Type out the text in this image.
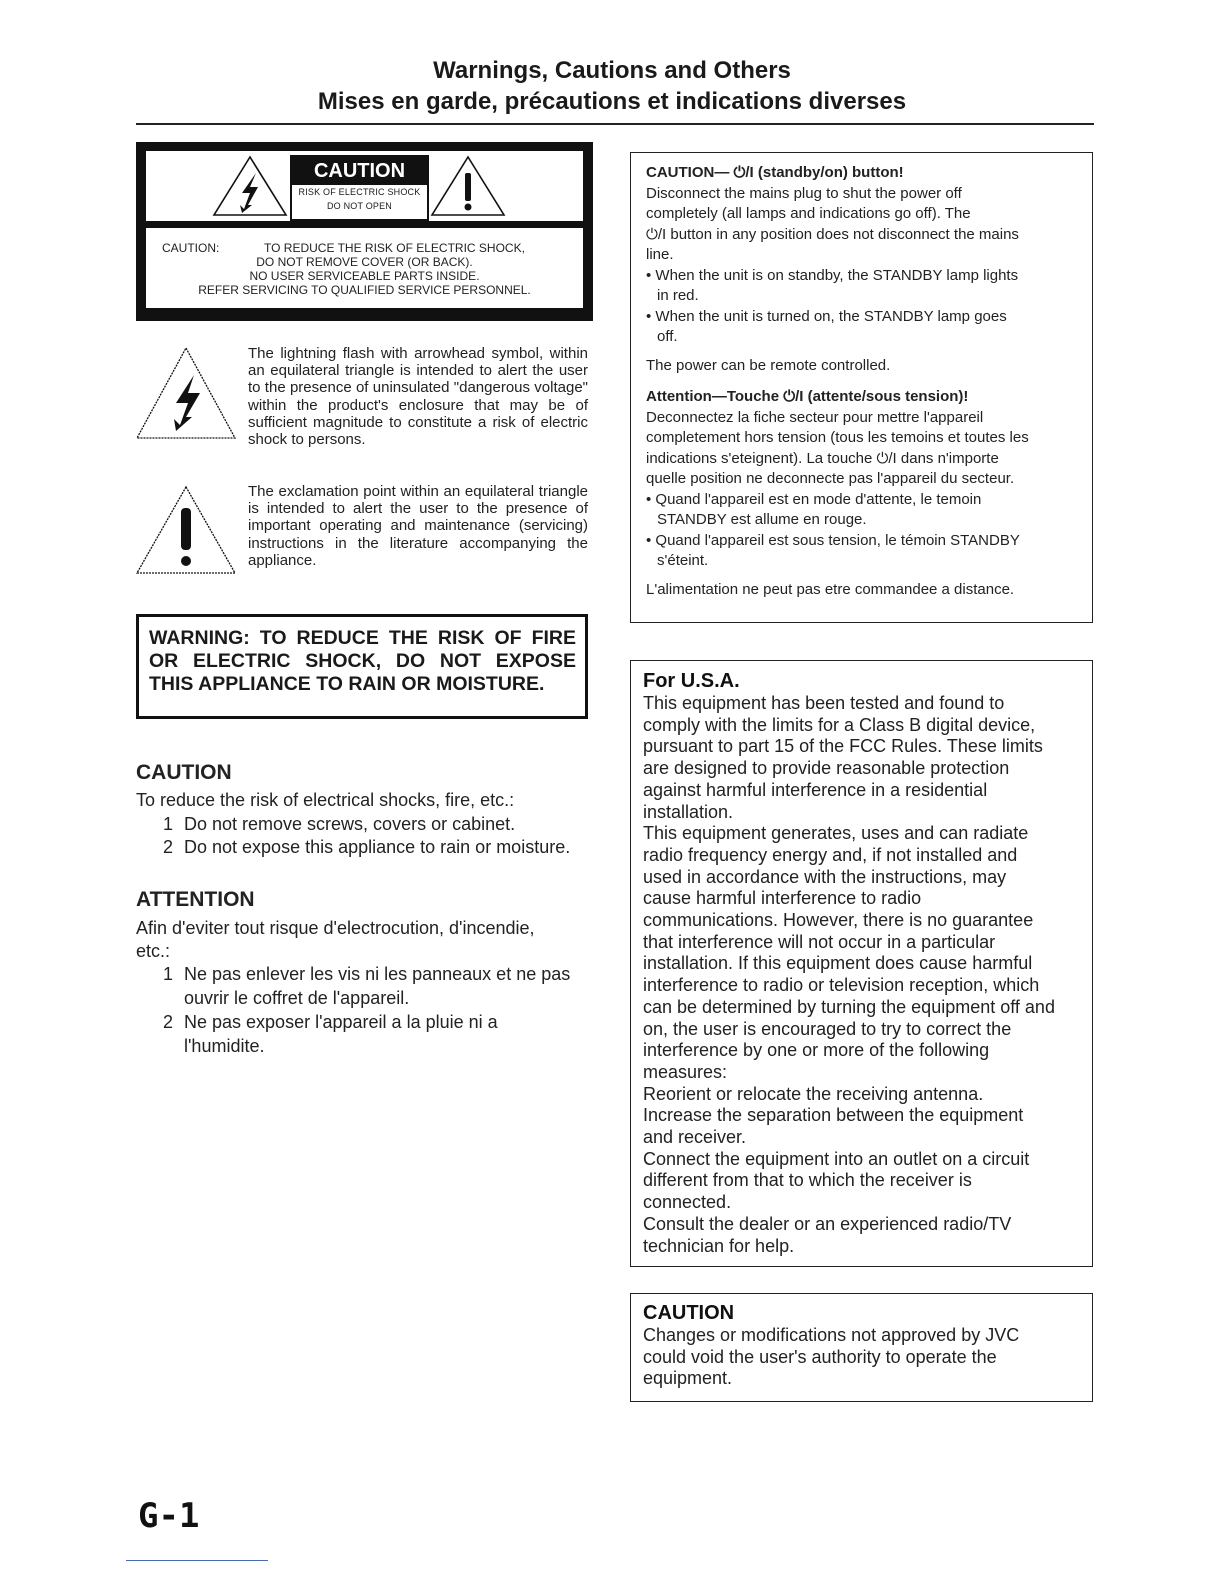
Warnings, Cautions and Others
Mises en garde, précautions et indications diverses
CAUTION
RISK OF ELECTRIC SHOCK
DO NOT OPEN
CAUTION:	TO REDUCE THE RISK OF ELECTRIC SHOCK,
DO NOT REMOVE COVER (OR BACK).
NO USER SERVICEABLE PARTS INSIDE.
REFER SERVICING TO QUALIFIED SERVICE PERSONNEL.
The lightning flash with arrowhead symbol, within an equilateral triangle is intended to alert the user to the presence of uninsulated "dangerous voltage" within the product's enclosure that may be of sufficient magnitude to constitute a risk of electric shock to persons.
The exclamation point within an equilateral triangle is intended to alert the user to the presence of important operating and maintenance (servicing) instructions in the literature accompanying the appliance.
WARNING: TO REDUCE THE RISK OF FIRE OR ELECTRIC SHOCK, DO NOT EXPOSE THIS APPLIANCE TO RAIN OR MOISTURE.
CAUTION
To reduce the risk of electrical shocks, fire, etc.:
1 Do not remove screws, covers or cabinet.
2 Do not expose this appliance to rain or moisture.
ATTENTION
Afin d'eviter tout risque d'electrocution, d'incendie,
etc.:
1 Ne pas enlever les vis ni les panneaux et ne pas
ouvrir le coffret de l'appareil.
2 Ne pas exposer l'appareil a la pluie ni a
l'humidite.
CAUTION— ⏻/I (standby/on) button!
Disconnect the mains plug to shut the power off
completely (all lamps and indications go off). The
⏻/I button in any position does not disconnect the mains
line.
• When the unit is on standby, the STANDBY lamp lights
in red.
• When the unit is turned on, the STANDBY lamp goes
off.
The power can be remote controlled.
Attention—Touche ⏻/I (attente/sous tension)!
Deconnectez la fiche secteur pour mettre l'appareil
completement hors tension (tous les temoins et toutes les
indications s'eteignent). La touche ⏻/I dans n'importe
quelle position ne deconnecte pas l'appareil du secteur.
• Quand l'appareil est en mode d'attente, le temoin
STANDBY est allume en rouge.
• Quand l'appareil est sous tension, le témoin STANDBY
s'éteint.
L'alimentation ne peut pas etre commandee a distance.
For U.S.A.
This equipment has been tested and found to
comply with the limits for a Class B digital device,
pursuant to part 15 of the FCC Rules. These limits
are designed to provide reasonable protection
against harmful interference in a residential
installation.
This equipment generates, uses and can radiate
radio frequency energy and, if not installed and
used in accordance with the instructions, may
cause harmful interference to radio
communications. However, there is no guarantee
that interference will not occur in a particular
installation. If this equipment does cause harmful
interference to radio or television reception, which
can be determined by turning the equipment off and
on, the user is encouraged to try to correct the
interference by one or more of the following
measures:
Reorient or relocate the receiving antenna.
Increase the separation between the equipment
and receiver.
Connect the equipment into an outlet on a circuit
different from that to which the receiver is
connected.
Consult the dealer or an experienced radio/TV
technician for help.
CAUTION
Changes or modifications not approved by JVC
could void the user's authority to operate the
equipment.
G-1
